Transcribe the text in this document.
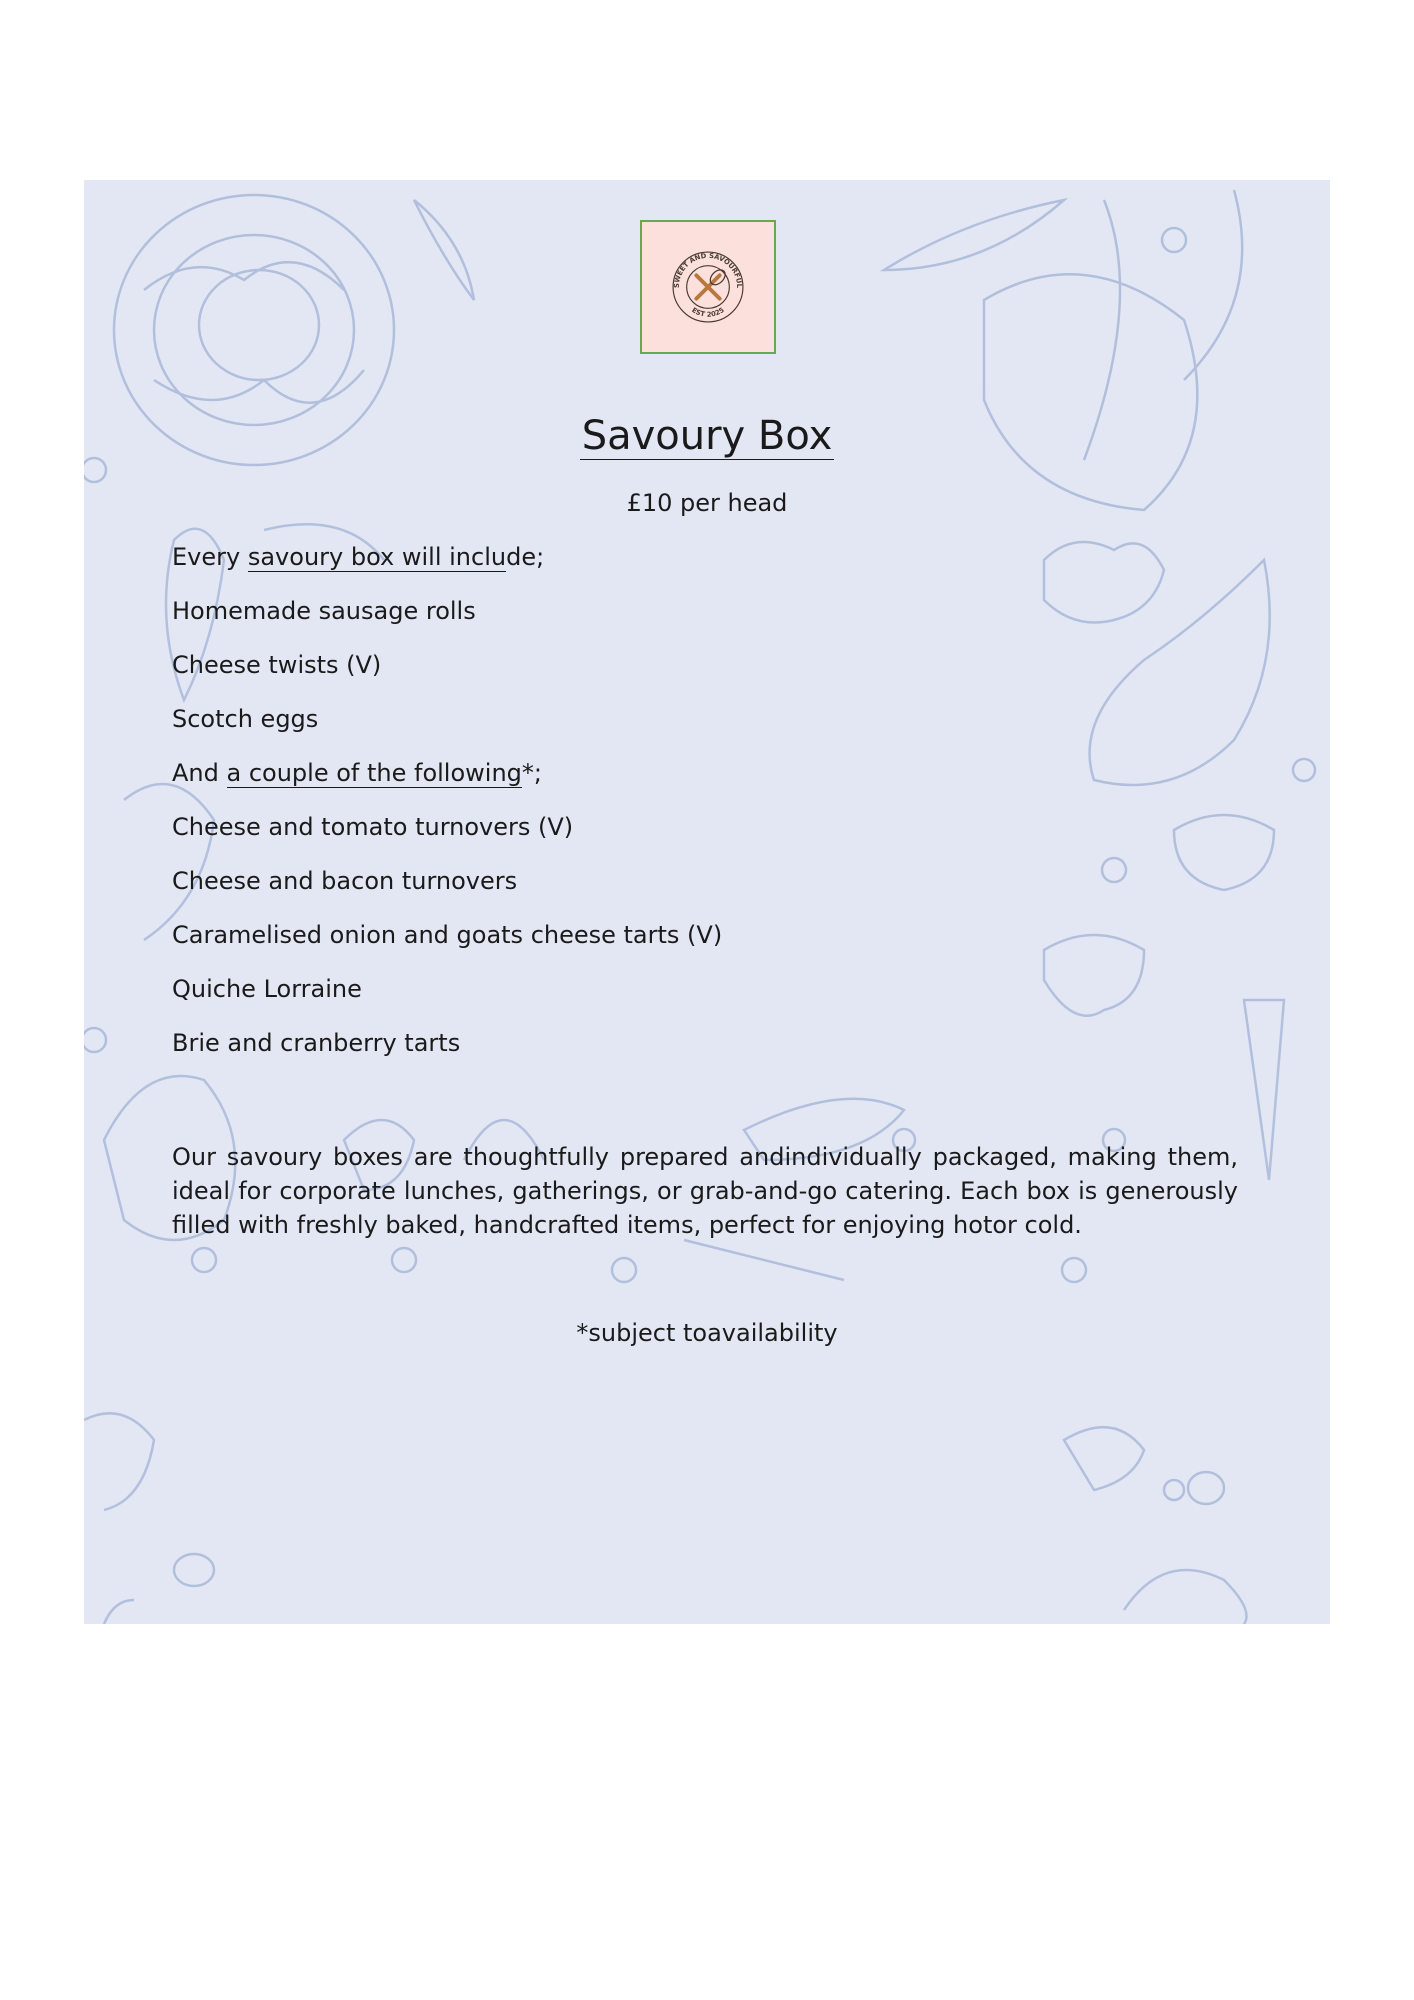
SWEET AND SAVOURFUL
EST 2025
Savoury Box
£10 per head
Every savoury box will include;
Homemade sausage rolls
Cheese twists (V)
Scotch eggs
And a couple of the following*;
Cheese and tomato turnovers (V)
Cheese and bacon turnovers
Caramelised onion and goats cheese tarts (V)
Quiche Lorraine
Brie and cranberry tarts
Our savoury boxes are thoughtfully prepared andindividually packaged, making them, ideal for corporate lunches, gatherings, or grab-and-go catering. Each box is generously filled with freshly baked, handcrafted items, perfect for enjoying hotor cold.
*subject toavailability
